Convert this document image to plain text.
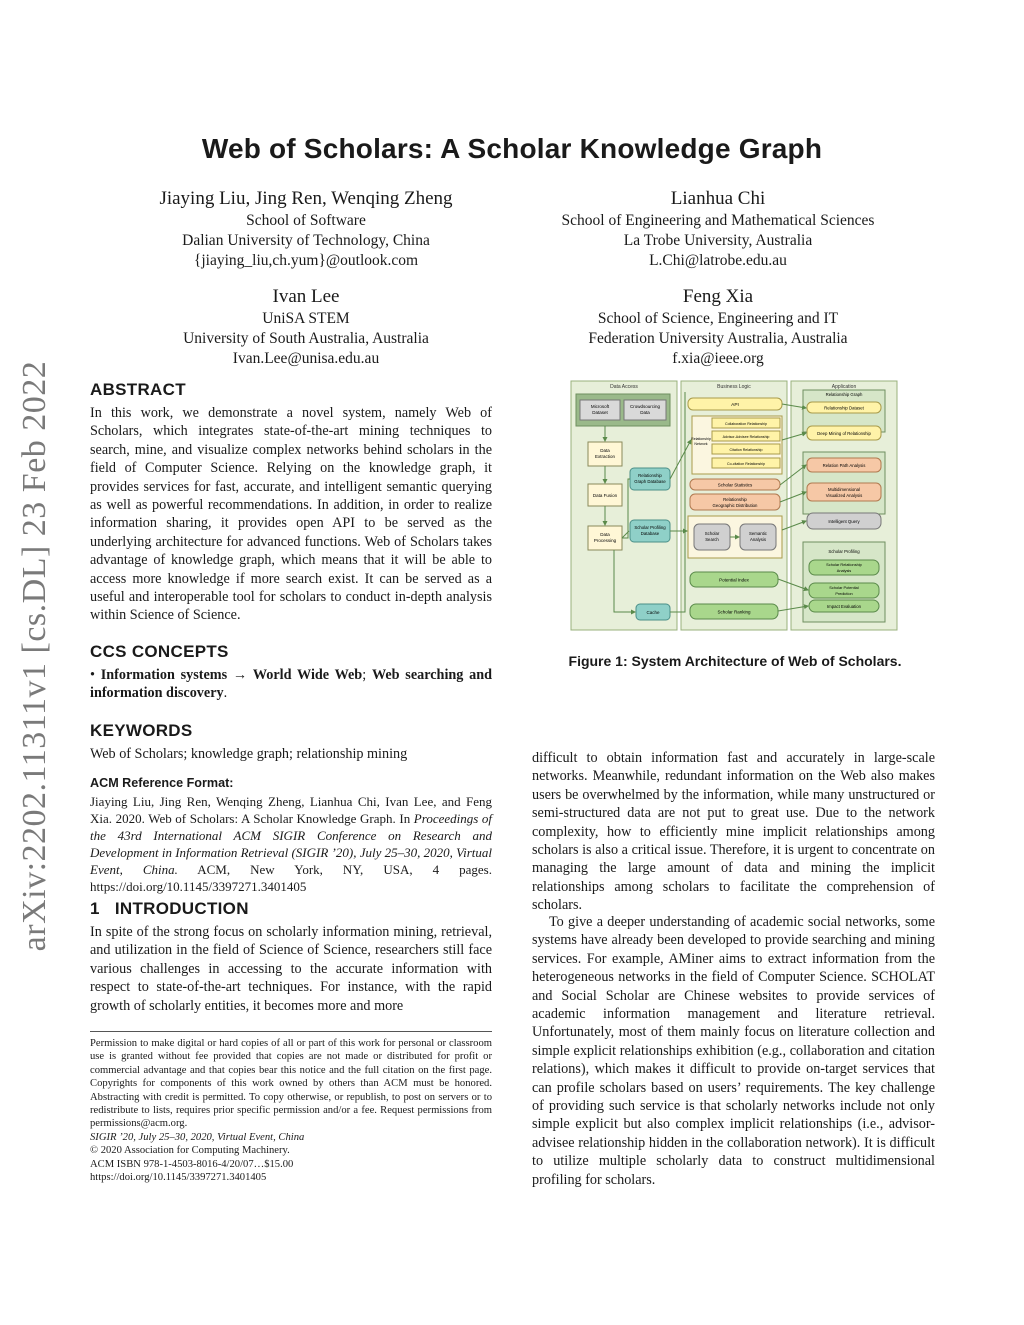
arXiv:2202.11311v1 [cs.DL] 23 Feb 2022
Web of Scholars: A Scholar Knowledge Graph
Jiaying Liu, Jing Ren, Wenqing Zheng
School of Software
Dalian University of Technology, China
{jiaying_liu,ch.yum}@outlook.com
Lianhua Chi
School of Engineering and Mathematical Sciences
La Trobe University, Australia
L.Chi@latrobe.edu.au
Ivan Lee
UniSA STEM
University of South Australia, Australia
Ivan.Lee@unisa.edu.au
Feng Xia
School of Science, Engineering and IT
Federation University Australia, Australia
f.xia@ieee.org
ABSTRACT
In this work, we demonstrate a novel system, namely Web of Scholars, which integrates state-of-the-art mining techniques to search, mine, and visualize complex networks behind scholars in the field of Computer Science. Relying on the knowledge graph, it provides services for fast, accurate, and intelligent semantic querying as well as powerful recommendations. In addition, in order to realize information sharing, it provides open API to be served as the underlying architecture for advanced functions. Web of Scholars takes advantage of knowledge graph, which means that it will be able to access more knowledge if more search exist. It can be served as a useful and interoperable tool for scholars to conduct in-depth analysis within Science of Science.
CCS CONCEPTS
• Information systems → World Wide Web; Web searching and information discovery.
KEYWORDS
Web of Scholars; knowledge graph; relationship mining
ACM Reference Format:
Jiaying Liu, Jing Ren, Wenqing Zheng, Lianhua Chi, Ivan Lee, and Feng Xia. 2020. Web of Scholars: A Scholar Knowledge Graph. In Proceedings of the 43rd International ACM SIGIR Conference on Research and Development in Information Retrieval (SIGIR ’20), July 25–30, 2020, Virtual Event, China. ACM, New York, NY, USA, 4 pages. https://doi.org/10.1145/3397271.3401405
1 INTRODUCTION
In spite of the strong focus on scholarly information mining, retrieval, and utilization in the field of Science of Science, researchers still face various challenges in accessing to the accurate information with respect to state-of-the-art techniques. For instance, with the rapid growth of scholarly entities, it becomes more and more
Permission to make digital or hard copies of all or part of this work for personal or classroom use is granted without fee provided that copies are not made or distributed for profit or commercial advantage and that copies bear this notice and the full citation on the first page. Copyrights for components of this work owned by others than ACM must be honored. Abstracting with credit is permitted. To copy otherwise, or republish, to post on servers or to redistribute to lists, requires prior specific permission and/or a fee. Request permissions from permissions@acm.org.
SIGIR ’20, July 25–30, 2020, Virtual Event, China
© 2020 Association for Computing Machinery.
ACM ISBN 978-1-4503-8016-4/20/07…$15.00
https://doi.org/10.1145/3397271.3401405
Data Access	Business Logic	Application
Microsoft
Dataset
Crowdsourcing
Data
Data
Extraction
Data Fusion
Data
Processing
Relationship
Graph Database
Scholar Profiling
Database
Cache
API
Relationship
Network
Collaboration Relationship
Advisor-Advisee Relationship
Citation Relationship
Co-citation Relationship
Scholar Statistics
Relationship
Geographic Distribution
Scholar
Search
Semantic
Analysis
Potential Index
Scholar Ranking
Relationship Graph
Relationship Dataset
Deep Mining of Relationship
Relation Path Analysis
Multidimensional
Visualized Analysis
Intelligent Query
Scholar Profiling
Scholar Relationship
Analysis
Scholar Potential
Prediction
Impact Evaluation
Figure 1: System Architecture of Web of Scholars.
difficult to obtain information fast and accurately in large-scale networks. Meanwhile, redundant information on the Web also makes users be overwhelmed by the information, while many unstructured or semi-structured data are not put to great use. Due to the network complexity, how to efficiently mine implicit relationships among scholars is also a critical issue. Therefore, it is urgent to concentrate on managing the large amount of data and mining the implicit relationships among scholars to facilitate the comprehension of scholars.
To give a deeper understanding of academic social networks, some systems have already been developed to provide searching and mining services. For example, AMiner aims to extract information from the heterogeneous networks in the field of Computer Science. SCHOLAT and Social Scholar are Chinese websites to provide services of academic information management and literature retrieval. Unfortunately, most of them mainly focus on literature collection and simple explicit relationships exhibition (e.g., collaboration and citation relations), which makes it difficult to provide on-target services that can profile scholars based on users’ requirements. The key challenge of providing such service is that scholarly networks include not only simple explicit but also complex implicit relationships (i.e., advisor-advisee relationship hidden in the collaboration network). It is difficult to utilize multiple scholarly data to construct multidimensional profiling for scholars.
